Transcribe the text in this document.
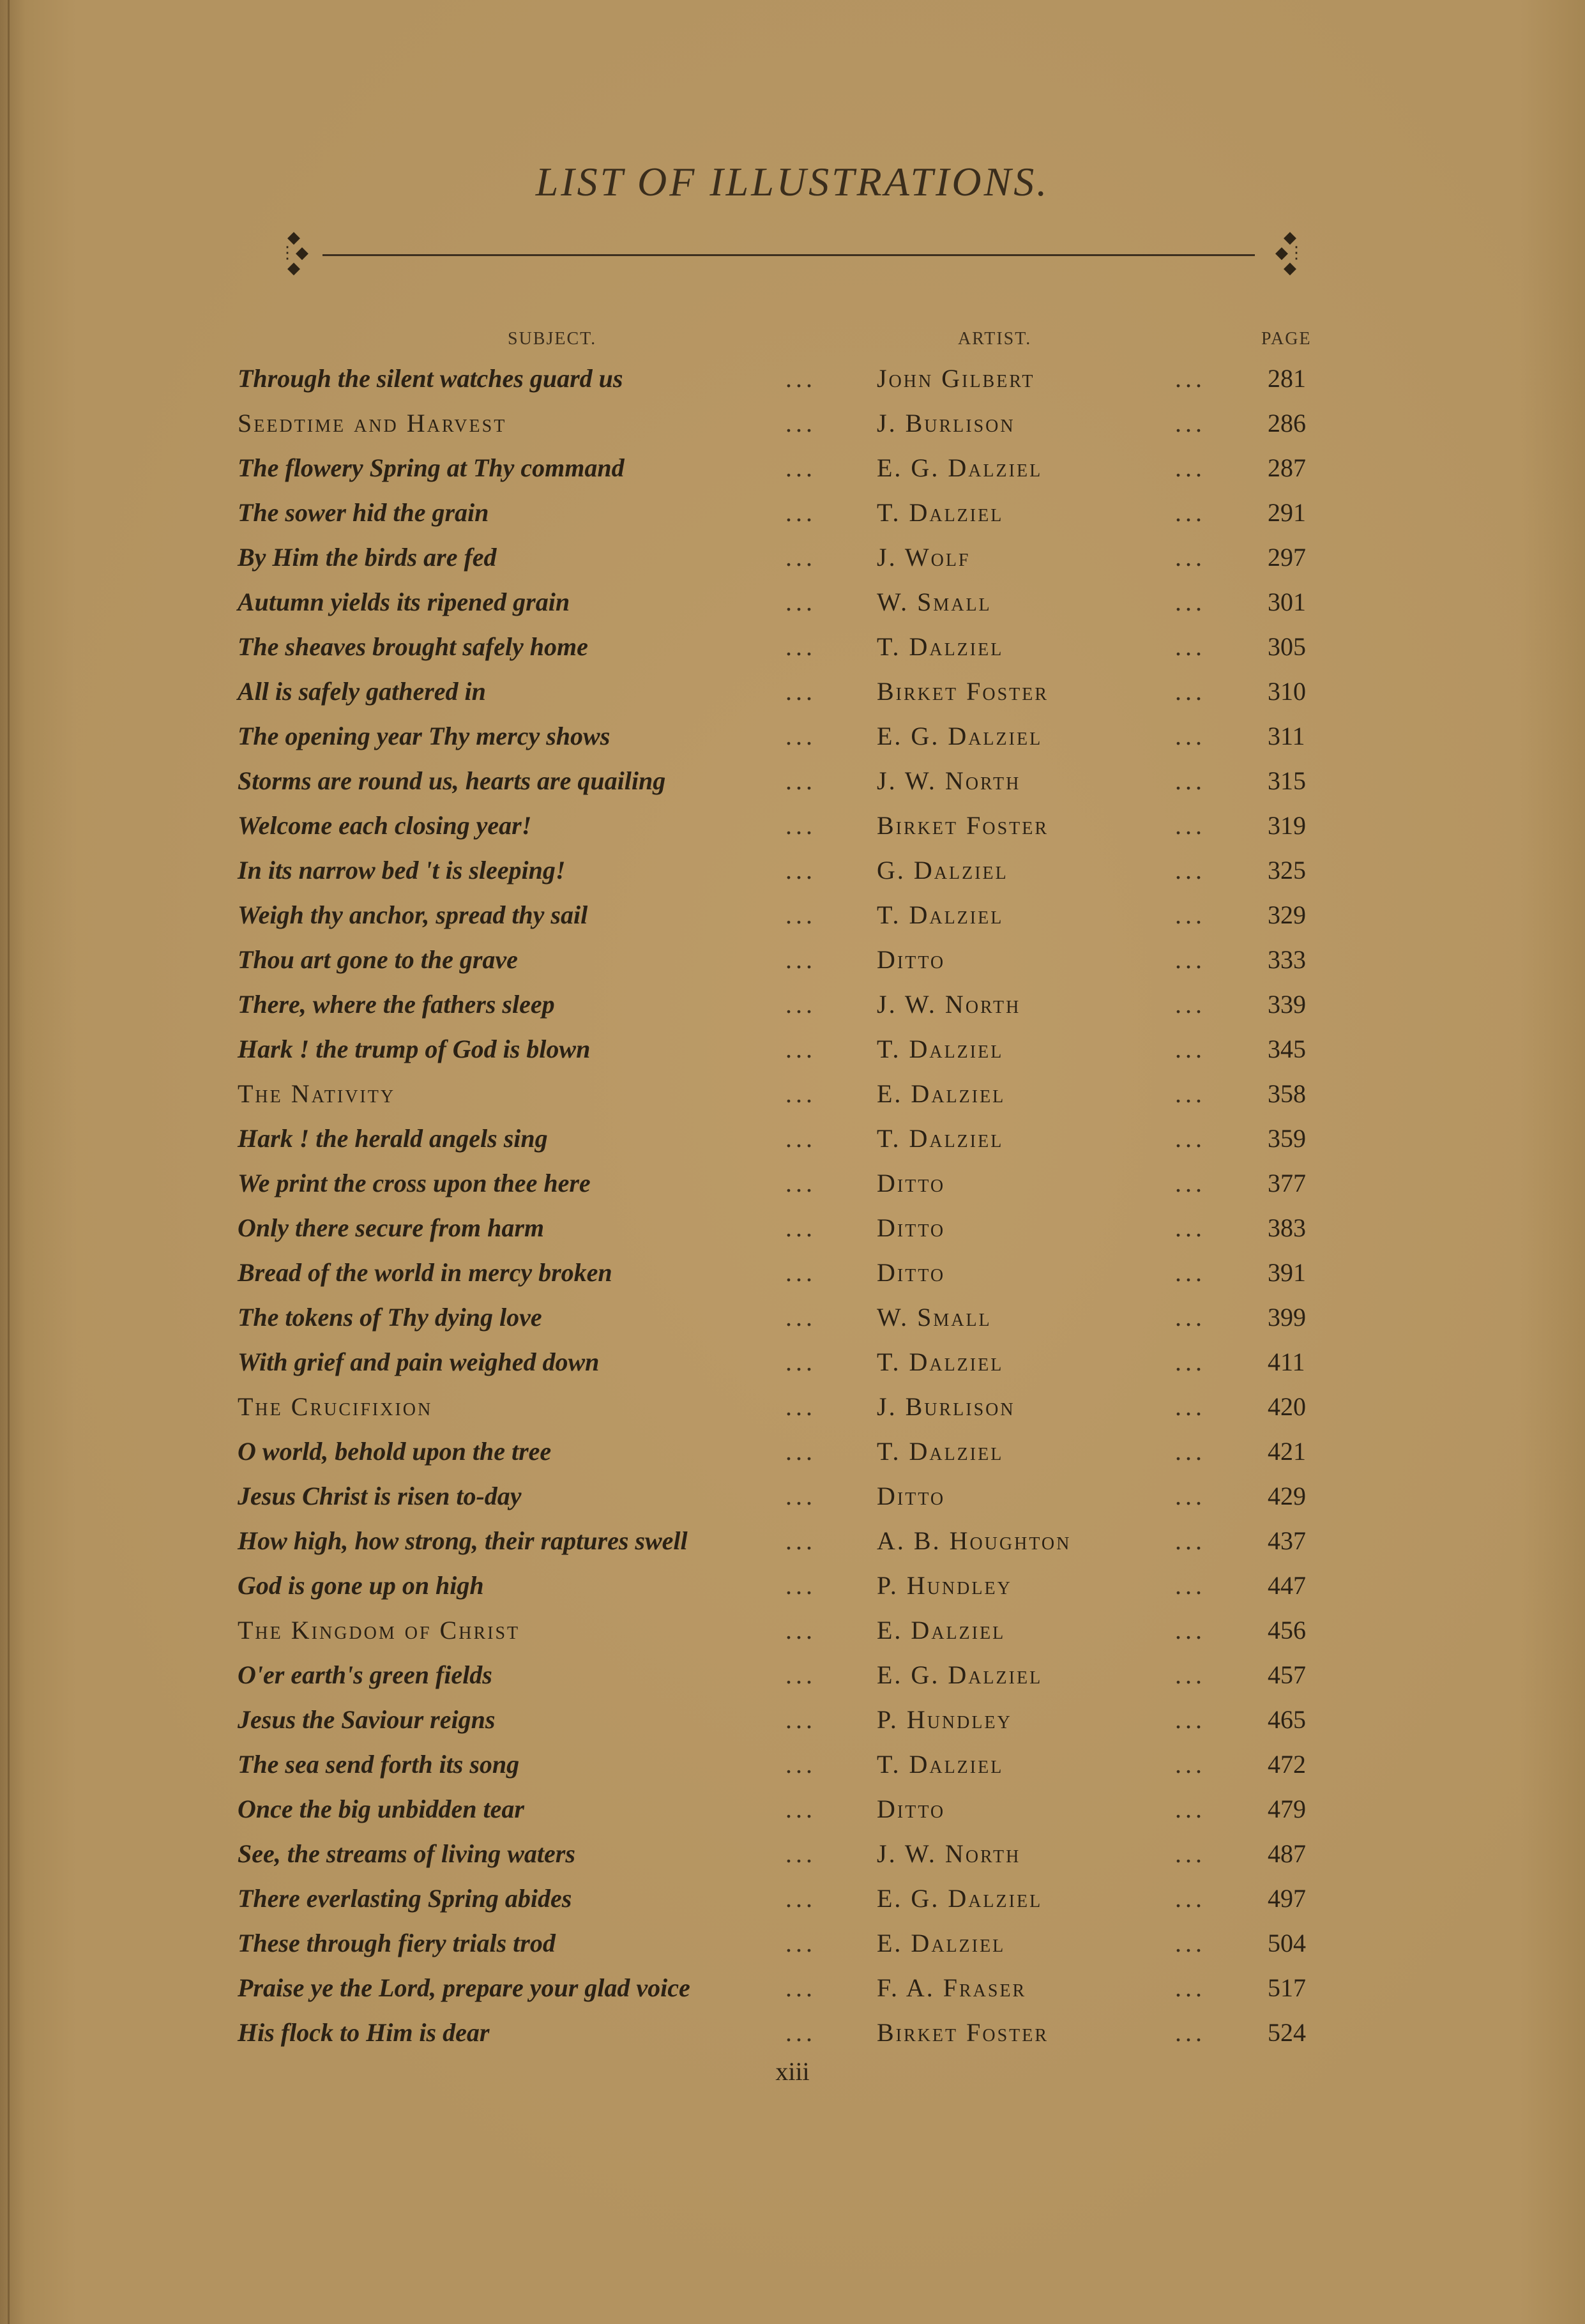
LIST OF ILLUSTRATIONS.
◆
⋮◆
◆
◆
◆⋮
◆
SUBJECT.	ARTIST.	PAGE
Through the silent watches guard us	...	John Gilbert	...	281
Seedtime and Harvest	...	J. Burlison	...	286
The flowery Spring at Thy command	...	E. G. Dalziel	...	287
The sower hid the grain	...	T. Dalziel	...	291
By Him the birds are fed	...	J. Wolf	...	297
Autumn yields its ripened grain	...	W. Small	...	301
The sheaves brought safely home	...	T. Dalziel	...	305
All is safely gathered in	...	Birket Foster	...	310
The opening year Thy mercy shows	...	E. G. Dalziel	...	311
Storms are round us, hearts are quailing	...	J. W. North	...	315
Welcome each closing year!	...	Birket Foster	...	319
In its narrow bed 't is sleeping!	...	G. Dalziel	...	325
Weigh thy anchor, spread thy sail	...	T. Dalziel	...	329
Thou art gone to the grave	...	Ditto	...	333
There, where the fathers sleep	...	J. W. North	...	339
Hark ! the trump of God is blown	...	T. Dalziel	...	345
The Nativity	...	E. Dalziel	...	358
Hark ! the herald angels sing	...	T. Dalziel	...	359
We print the cross upon thee here	...	Ditto	...	377
Only there secure from harm	...	Ditto	...	383
Bread of the world in mercy broken	...	Ditto	...	391
The tokens of Thy dying love	...	W. Small	...	399
With grief and pain weighed down	...	T. Dalziel	...	411
The Crucifixion	...	J. Burlison	...	420
O world, behold upon the tree	...	T. Dalziel	...	421
Jesus Christ is risen to-day	...	Ditto	...	429
How high, how strong, their raptures swell	...	A. B. Houghton	...	437
God is gone up on high	...	P. Hundley	...	447
The Kingdom of Christ	...	E. Dalziel	...	456
O'er earth's green fields	...	E. G. Dalziel	...	457
Jesus the Saviour reigns	...	P. Hundley	...	465
The sea send forth its song	...	T. Dalziel	...	472
Once the big unbidden tear	...	Ditto	...	479
See, the streams of living waters	...	J. W. North	...	487
There everlasting Spring abides	...	E. G. Dalziel	...	497
These through fiery trials trod	...	E. Dalziel	...	504
Praise ye the Lord, prepare your glad voice	...	F. A. Fraser	...	517
His flock to Him is dear	...	Birket Foster	...	524
xiii
